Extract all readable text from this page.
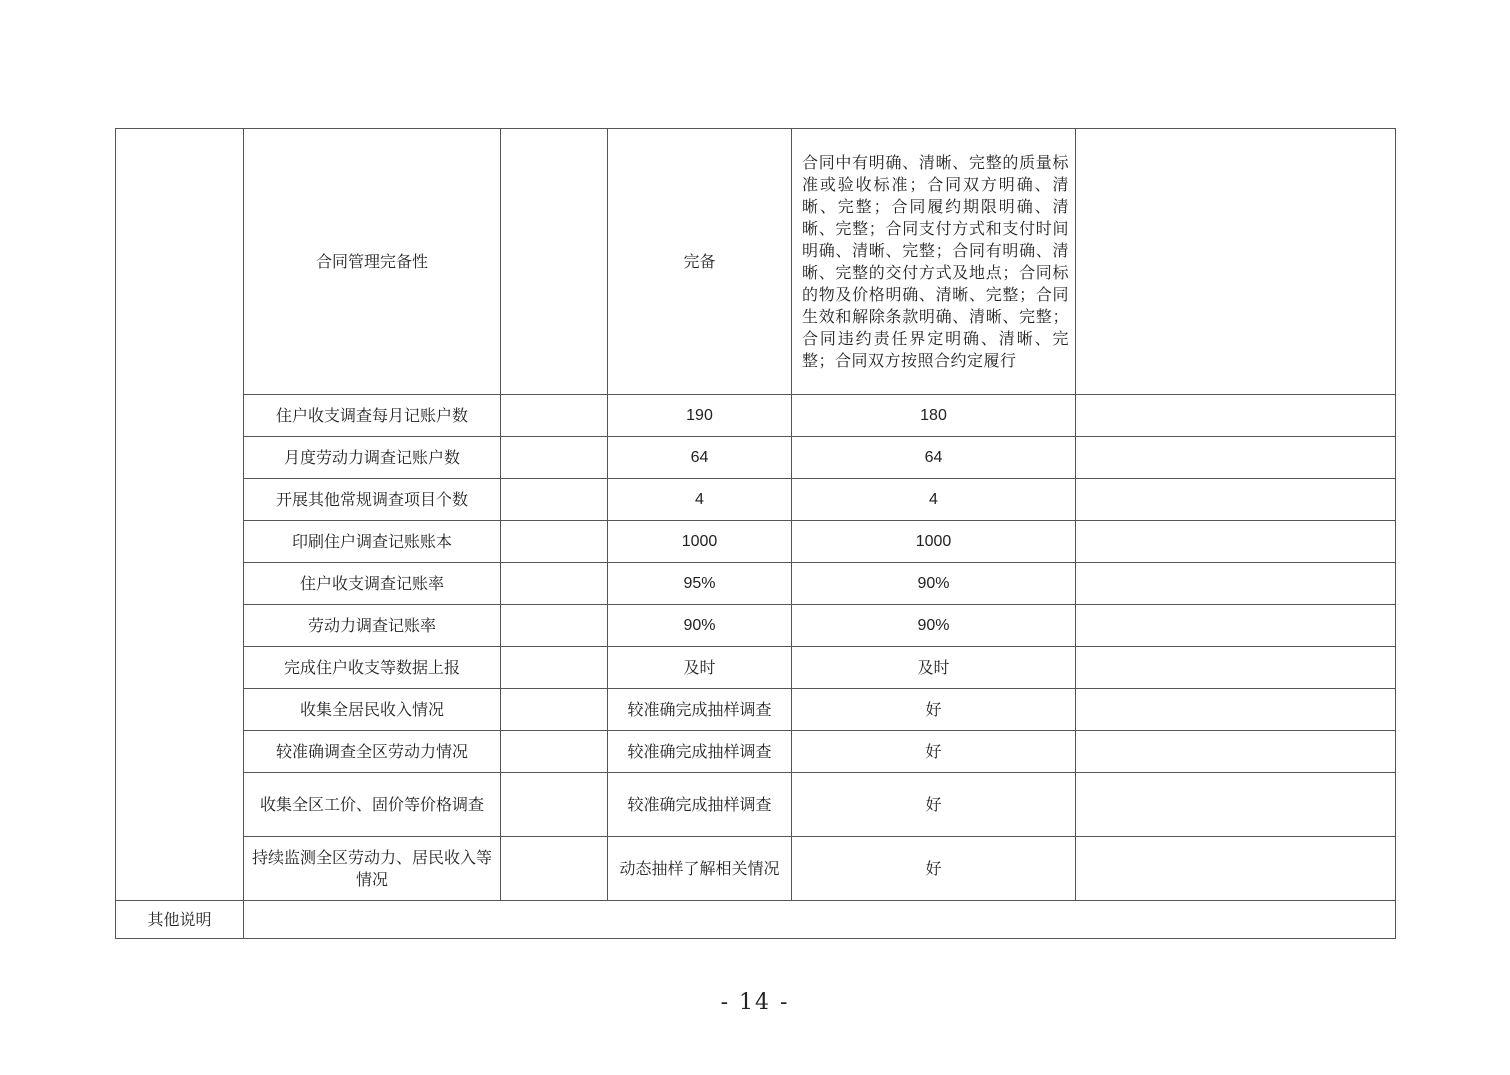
	合同管理完备性		完备	合同中有明确、清晰、完整的质量标准或验收标准；合同双方明确、清晰、完整；合同履约期限明确、清晰、完整；合同支付方式和支付时间明确、清晰、完整；合同有明确、清晰、完整的交付方式及地点；合同标的物及价格明确、清晰、完整；合同生效和解除条款明确、清晰、完整；合同违约责任界定明确、清晰、完整；合同双方按照合约定履行	
	住户收支调查每月记账户数		190	180	
	月度劳动力调查记账户数		64	64	
	开展其他常规调查项目个数		4	4	
	印刷住户调查记账账本		1000	1000	
	住户收支调查记账率		95%	90%	
	劳动力调查记账率		90%	90%	
	完成住户收支等数据上报		及时	及时	
	收集全居民收入情况		较准确完成抽样调查	好	
	较准确调查全区劳动力情况		较准确完成抽样调查	好	
	收集全区工价、固价等价格调查		较准确完成抽样调查	好	
	持续监测全区劳动力、居民收入等情况		动态抽样了解相关情况	好	
其他说明					
- 14 -
